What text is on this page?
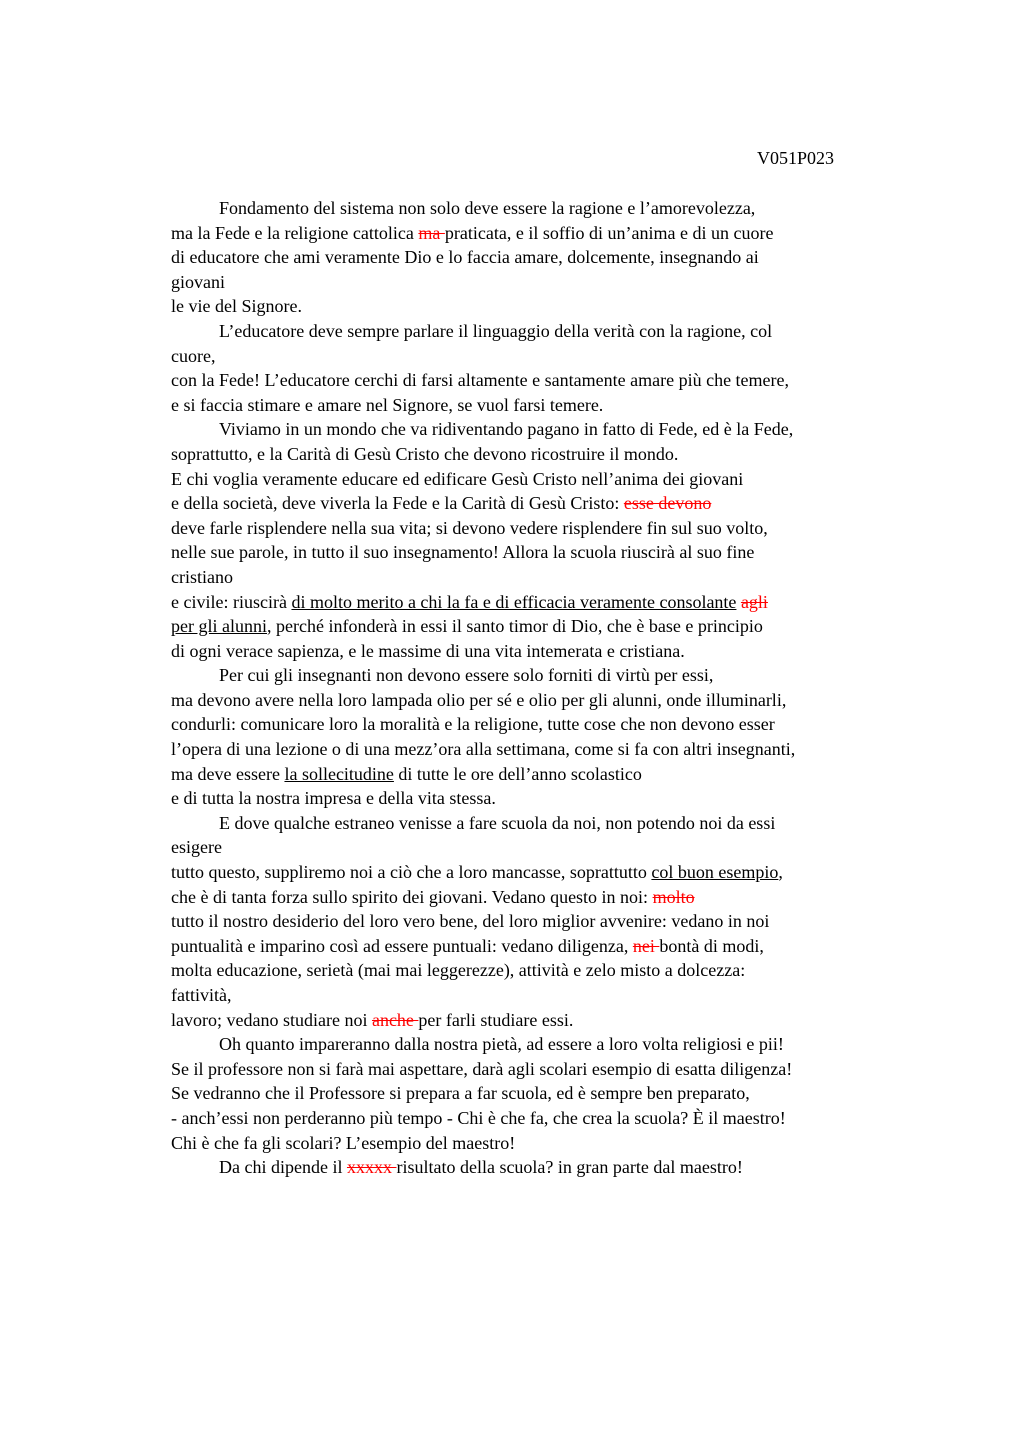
V051P023
Fondamento del sistema non solo deve essere la ragione e l’amorevolezza,
ma la Fede e la religione cattolica ma praticata, e il soffio di un’anima e di un cuore
di educatore che ami veramente Dio e lo faccia amare, dolcemente, insegnando ai
giovani
le vie del Signore.
L’educatore deve sempre parlare il linguaggio della verità con la ragione, col
cuore,
con la Fede! L’educatore cerchi di farsi altamente e santamente amare più che temere,
e si faccia stimare e amare nel Signore, se vuol farsi temere.
Viviamo in un mondo che va ridiventando pagano in fatto di Fede, ed è la Fede,
soprattutto, e la Carità di Gesù Cristo che devono ricostruire il mondo.
E chi voglia veramente educare ed edificare Gesù Cristo nell’anima dei giovani
e della società, deve viverla la Fede e la Carità di Gesù Cristo: esse devono
deve farle risplendere nella sua vita; si devono vedere risplendere fin sul suo volto,
nelle sue parole, in tutto il suo insegnamento! Allora la scuola riuscirà al suo fine
cristiano
e civile: riuscirà di molto merito a chi la fa e di efficacia veramente consolante agli
per gli alunni, perché infonderà in essi il santo timor di Dio, che è base e principio
di ogni verace sapienza, e le massime di una vita intemerata e cristiana.
Per cui gli insegnanti non devono essere solo forniti di virtù per essi,
ma devono avere nella loro lampada olio per sé e olio per gli alunni, onde illuminarli,
condurli: comunicare loro la moralità e la religione, tutte cose che non devono esser
l’opera di una lezione o di una mezz’ora alla settimana, come si fa con altri insegnanti,
ma deve essere la sollecitudine di tutte le ore dell’anno scolastico
e di tutta la nostra impresa e della vita stessa.
E dove qualche estraneo venisse a fare scuola da noi, non potendo noi da essi
esigere
tutto questo, suppliremo noi a ciò che a loro mancasse, soprattutto col buon esempio,
che è di tanta forza sullo spirito dei giovani. Vedano questo in noi: molto
tutto il nostro desiderio del loro vero bene, del loro miglior avvenire: vedano in noi
puntualità e imparino così ad essere puntuali: vedano diligenza, nei bontà di modi,
molta educazione, serietà (mai mai leggerezze), attività e zelo misto a dolcezza:
fattività,
lavoro; vedano studiare noi anche per farli studiare essi.
Oh quanto impareranno dalla nostra pietà, ad essere a loro volta religiosi e pii!
Se il professore non si farà mai aspettare, darà agli scolari esempio di esatta diligenza!
Se vedranno che il Professore si prepara a far scuola, ed è sempre ben preparato,
- anch’essi non perderanno più tempo - Chi è che fa, che crea la scuola? È il maestro!
Chi è che fa gli scolari? L’esempio del maestro!
Da chi dipende il xxxxx risultato della scuola? in gran parte dal maestro!
